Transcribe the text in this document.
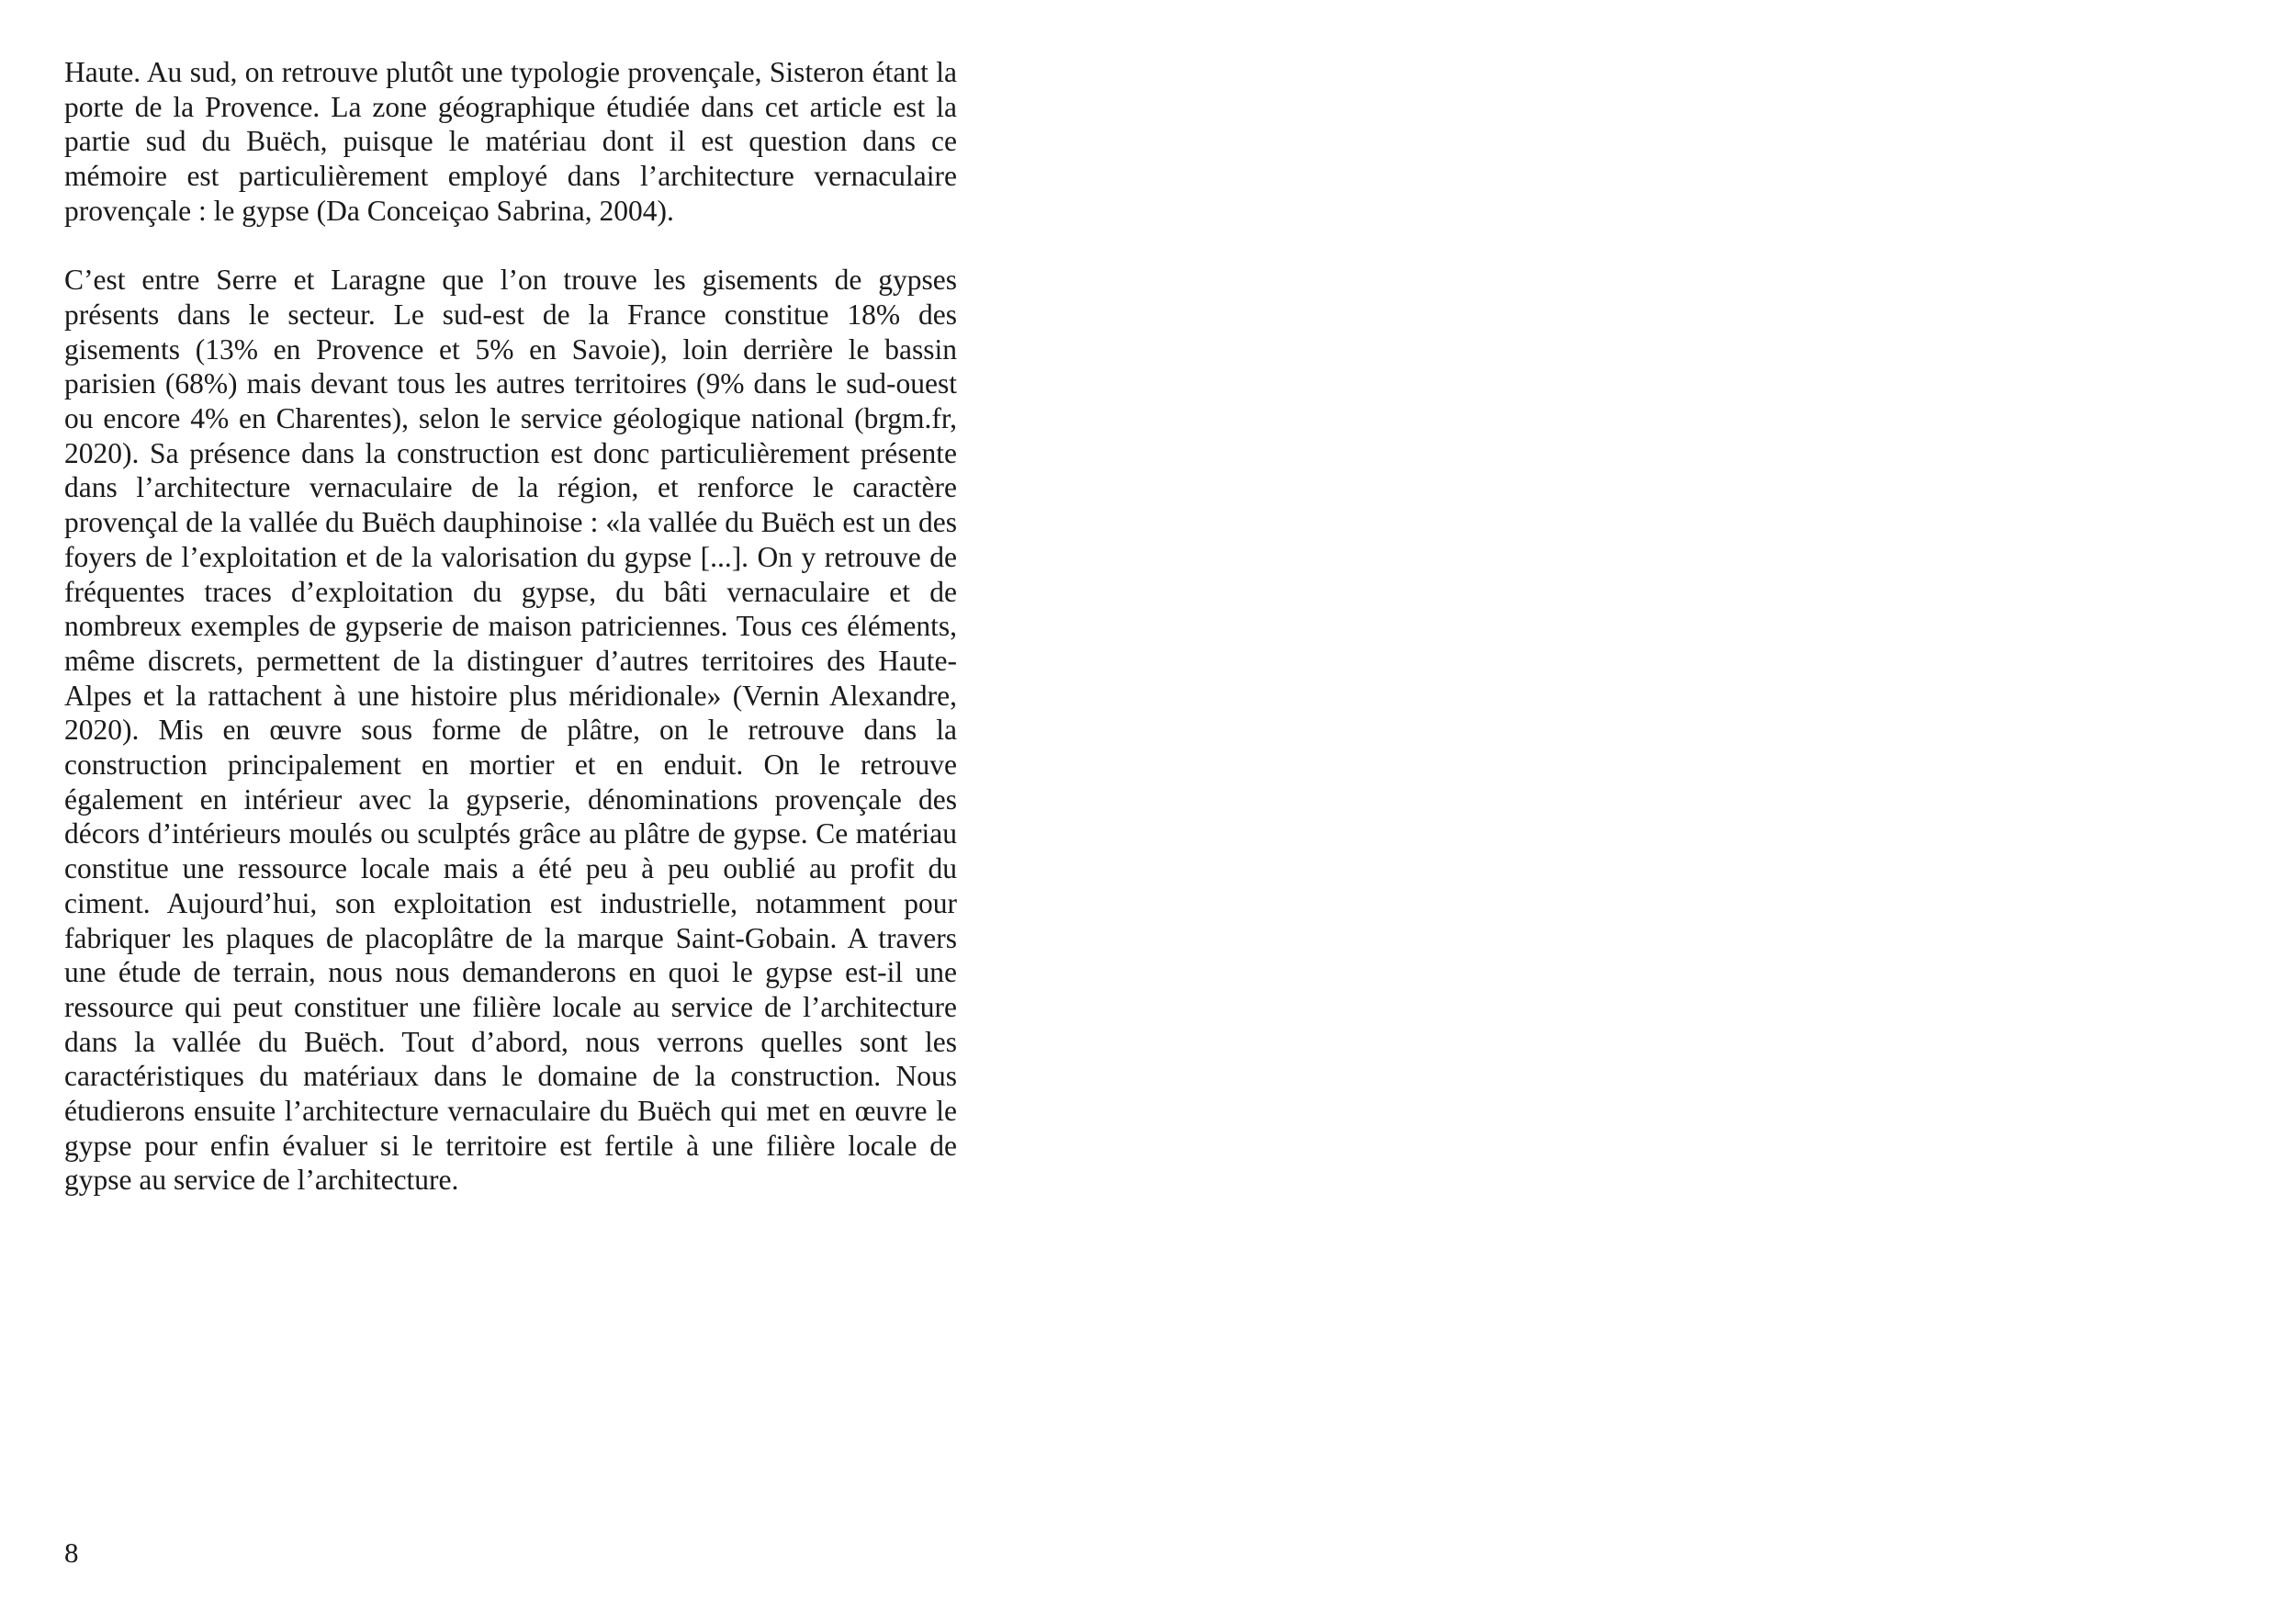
Haute. Au sud, on retrouve plutôt une typologie provençale, Sisteron étant la porte de la Provence. La zone géographique étudiée dans cet article est la partie sud du Buëch, puisque le matériau dont il est question dans ce mémoire est particulièrement employé dans l’architecture vernaculaire provençale : le gypse (Da Conceiçao Sabrina, 2004).

C’est entre Serre et Laragne que l’on trouve les gisements de gypses présents dans le secteur. Le sud-est de la France constitue 18% des gisements (13% en Provence et 5% en Savoie), loin derrière le bassin parisien (68%) mais devant tous les autres territoires (9% dans le sud-ouest ou encore 4% en Charentes), selon le service géologique national (brgm.fr, 2020). Sa présence dans la construction est donc particulièrement présente dans l’architecture vernaculaire de la région, et renforce le caractère provençal de la vallée du Buëch dauphinoise : «la vallée du Buëch est un des foyers de l’exploitation et de la valorisation du gypse [...]. On y retrouve de fréquentes traces d’exploitation du gypse, du bâti vernaculaire et de nombreux exemples de gypserie de maison patriciennes. Tous ces éléments, même discrets, permettent de la distinguer d’autres territoires des Haute-Alpes et la rattachent à une histoire plus méridionale» (Vernin Alexandre, 2020). Mis en œuvre sous forme de plâtre, on le retrouve dans la construction principalement en mortier et en enduit. On le retrouve également en intérieur avec la gypserie, dénominations provençale des décors d’intérieurs moulés ou sculptés grâce au plâtre de gypse. Ce matériau constitue une ressource locale mais a été peu à peu oublié au profit du ciment. Aujourd’hui, son exploitation est industrielle, notamment pour fabriquer les plaques de placoplâtre de la marque Saint-Gobain. A travers une étude de terrain, nous nous demanderons en quoi le gypse est-il une ressource qui peut constituer une filière locale au service de l’architecture dans la vallée du Buëch. Tout d’abord, nous verrons quelles sont les caractéristiques du matériaux dans le domaine de la construction. Nous étudierons ensuite l’architecture vernaculaire du Buëch qui met en œuvre le gypse pour enfin évaluer si le territoire est fertile à une filière locale de gypse au service de l’architecture.

8
